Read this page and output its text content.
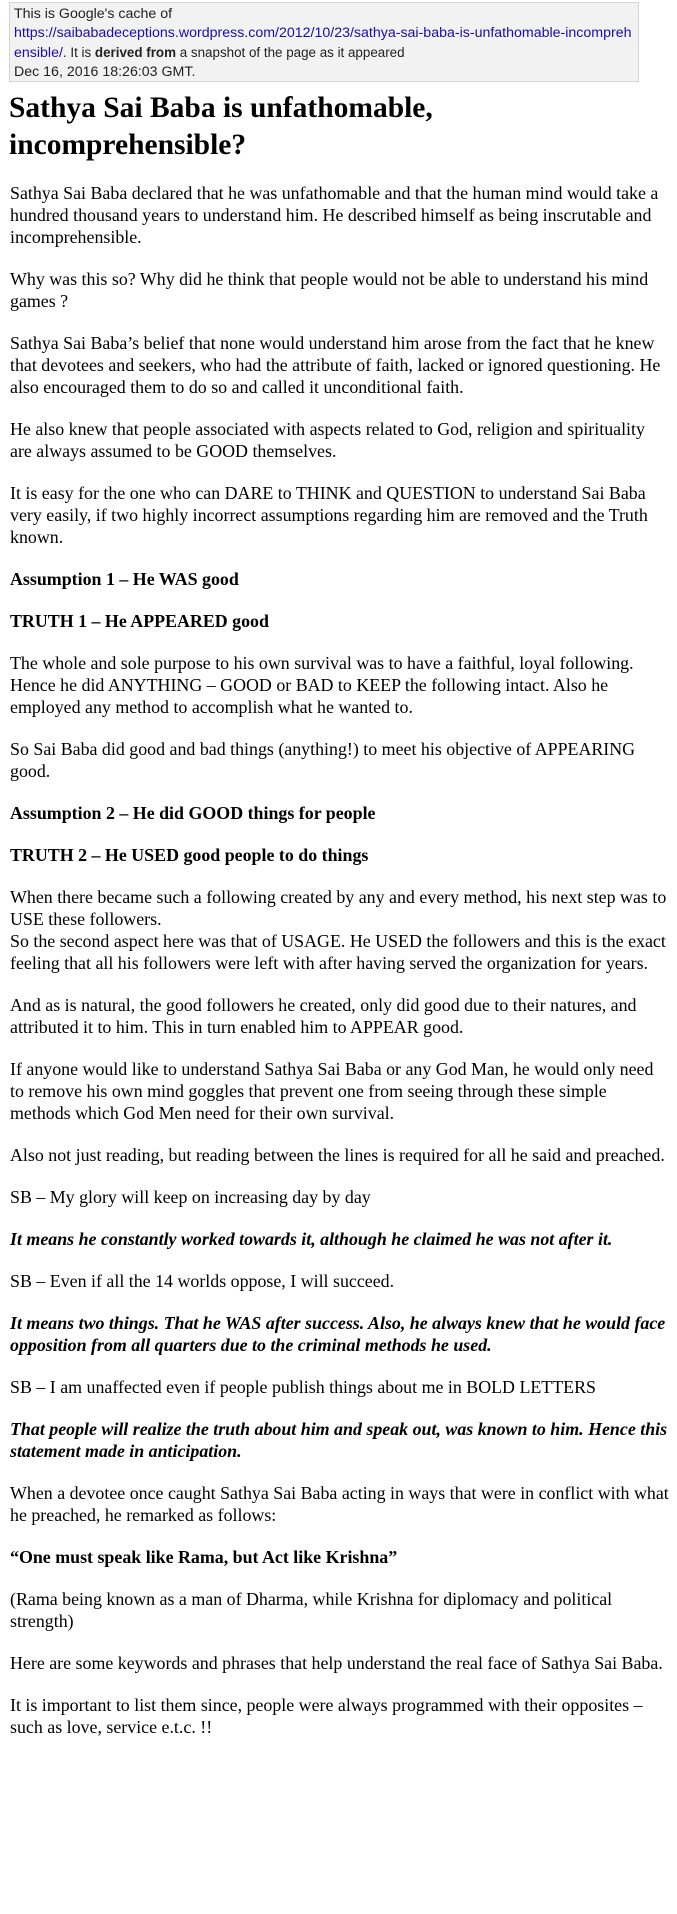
This is Google's cache of
https://saibabadeceptions.wordpress.com/2012/10/23/sathya-sai-baba-is-unfathomable-incomprehensible/. It is derived from a snapshot of the page as it appeared
Dec 16, 2016 18:26:03 GMT.
Sathya Sai Baba is unfathomable, incomprehensible?

Sathya Sai Baba declared that he was unfathomable and that the human mind would take a hundred thousand years to understand him. He described himself as being inscrutable and incomprehensible.

Why was this so? Why did he think that people would not be able to understand his mind games ?

Sathya Sai Baba’s belief that none would understand him arose from the fact that he knew that devotees and seekers, who had the attribute of faith, lacked or ignored questioning. He also encouraged them to do so and called it unconditional faith.

He also knew that people associated with aspects related to God, religion and spirituality are always assumed to be GOOD themselves.

It is easy for the one who can DARE to THINK and QUESTION to understand Sai Baba very easily, if two highly incorrect assumptions regarding him are removed and the Truth known.

Assumption 1 – He WAS good

TRUTH 1 – He APPEARED good

The whole and sole purpose to his own survival was to have a faithful, loyal following. Hence he did ANYTHING – GOOD or BAD to KEEP the following intact. Also he employed any method to accomplish what he wanted to.

So Sai Baba did good and bad things (anything!) to meet his objective of APPEARING good.

Assumption 2 – He did GOOD things for people

TRUTH 2 – He USED good people to do things

When there became such a following created by any and every method, his next step was to USE these followers.
So the second aspect here was that of USAGE. He USED the followers and this is the exact feeling that all his followers were left with after having served the organization for years.

And as is natural, the good followers he created, only did good due to their natures, and attributed it to him. This in turn enabled him to APPEAR good.

If anyone would like to understand Sathya Sai Baba or any God Man, he would only need to remove his own mind goggles that prevent one from seeing through these simple methods which God Men need for their own survival.

Also not just reading, but reading between the lines is required for all he said and preached.

SB – My glory will keep on increasing day by day

It means he constantly worked towards it, although he claimed he was not after it.

SB – Even if all the 14 worlds oppose, I will succeed.

It means two things. That he WAS after success. Also, he always knew that he would face opposition from all quarters due to the criminal methods he used.

SB – I am unaffected even if people publish things about me in BOLD LETTERS

That people will realize the truth about him and speak out, was known to him. Hence this statement made in anticipation.

When a devotee once caught Sathya Sai Baba acting in ways that were in conflict with what he preached, he remarked as follows:

“One must speak like Rama, but Act like Krishna”

(Rama being known as a man of Dharma, while Krishna for diplomacy and political strength)

Here are some keywords and phrases that help understand the real face of Sathya Sai Baba.

It is important to list them since, people were always programmed with their opposites – such as love, service e.t.c. !!
